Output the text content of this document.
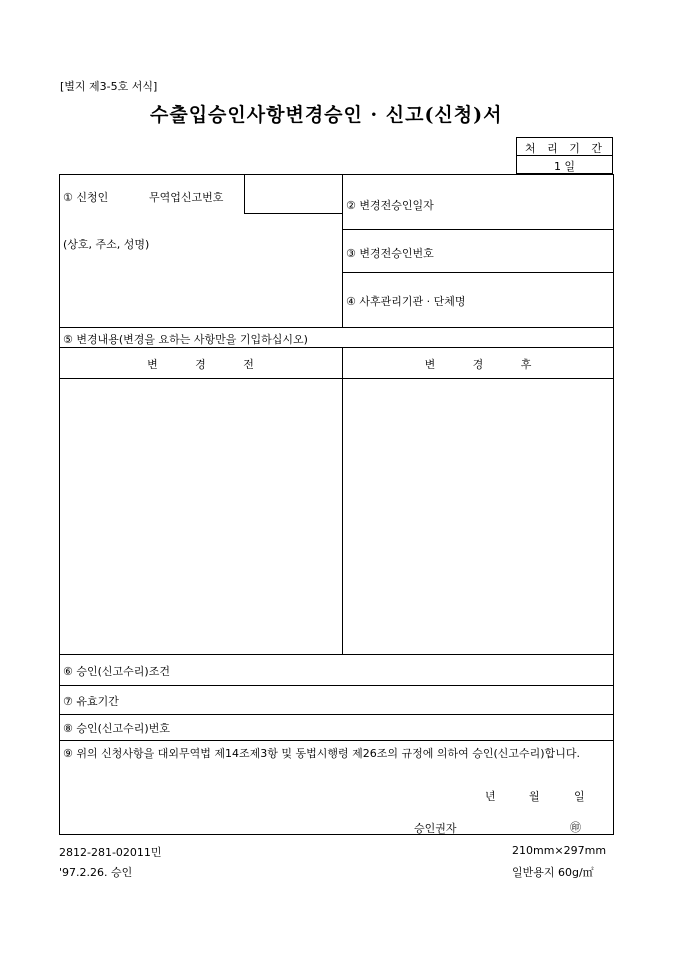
[별지 제3-5호 서식]
수출입승인사항변경승인 · 신고(신청)서
처 리 기 간
1 일
① 신청인	무역업신고번호
(상호, 주소, 성명)
② 변경전승인일자
③ 변경전승인번호
④ 사후관리기관 · 단체명
⑤ 변경내용(변경을 요하는 사항만을 기입하십시오)
변 경 전	변 경 후
⑥ 승인(신고수리)조건
⑦ 유효기간
⑧ 승인(신고수리)번호
⑨ 위의 신청사항을 대외무역법 제14조제3항 및 동법시행령 제26조의 규정에 의하여 승인(신고수리)합니다.
년	월	일
승인권자	㊞
2812-281-02011민
'97.2.26. 승인
210mm×297mm
일반용지 60g/㎡
